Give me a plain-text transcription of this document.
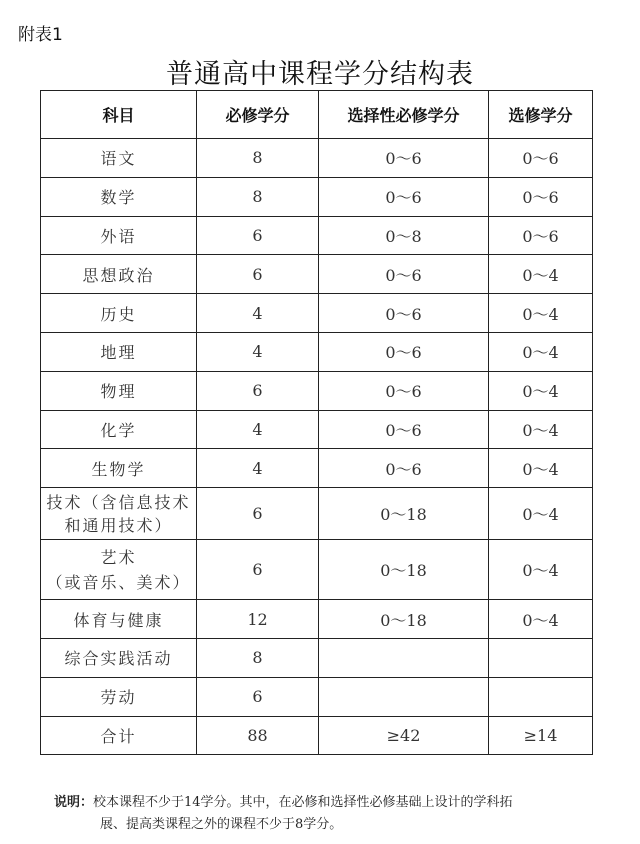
附表1
普通高中课程学分结构表
科目	必修学分	选择性必修学分	选修学分
语文	8	0～6	0～6
数学	8	0～6	0～6
外语	6	0～8	0～6
思想政治	6	0～6	0～4
历史	4	0～6	0～4
地理	4	0～6	0～4
物理	6	0～6	0～4
化学	4	0～6	0～4
生物学	4	0～6	0～4
技术（含信息技术
和通用技术）	6	0～18	0～4
艺术
（或音乐、美术）	6	0～18	0～4
体育与健康	12	0～18	0～4
综合实践活动	8		
劳动	6		
合计	88	≥42	≥14
说明：校本课程不少于14学分。其中，在必修和选择性必修基础上设计的学科拓
展、提高类课程之外的课程不少于8学分。
